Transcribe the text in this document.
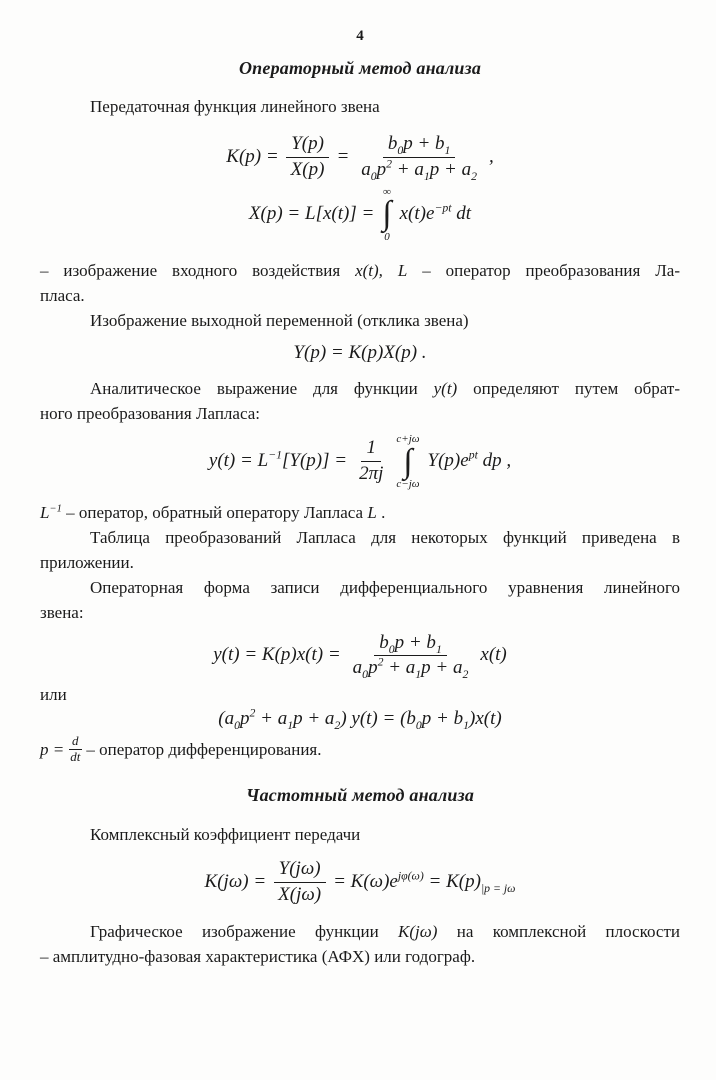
4
Операторный метод анализа

Передаточная функция линейного звена

$K(p) = \frac{Y(p)}{X(p)} = \frac{b_0p + b_1}{a_0p^2 + a_1p + a_2}$ ,
X(p) = L[x(t)] =
∞
∫
0
$x(t)e^{-pt}$ dt

– изображение входного воздействия x(t), L – оператор преобразования Ла-

пласа.

Изображение выходной переменной (отклика звена)

Y(p) = K(p)X(p) .

Аналитическое выражение для функции y(t) определяют путем обрат-

ного преобразования Лапласа:

$y(t) = L^{-1}[Y(p)] = \frac{1}{2\pi j} c+j\omega$
∫
c−jω
$Y(p)e^{pt}$ dp ,

$L^{-1}$ – оператор, обратный оператору Лапласа L .

Таблица преобразований Лапласа для некоторых функций приведена в

приложении.

Операторная форма записи дифференциального уравнения линейного

звена:

$y(t) = K(p)x(t) = \frac{b_0p + b_1}{a_0p^2 + a_1p + a_2} x(t)$

или

$(a_0p^2 + a_1p + a_2) y(t) = (b_0p + b_1)x(t)$
$p = \frac{d}{dt}$ – оператор дифференцирования.
Частотный метод анализа

Комплексный коэффициент передачи

$K(j\omega) = \frac{Y(j\omega)}{X(j\omega)} = K(\omega)e^{j\varphi(\omega)} = K(p)_{|p = j\omega}$

Графическое изображение функции K(jω) на комплексной плоскости

– амплитудно-фазовая характеристика (АФХ) или годограф.
